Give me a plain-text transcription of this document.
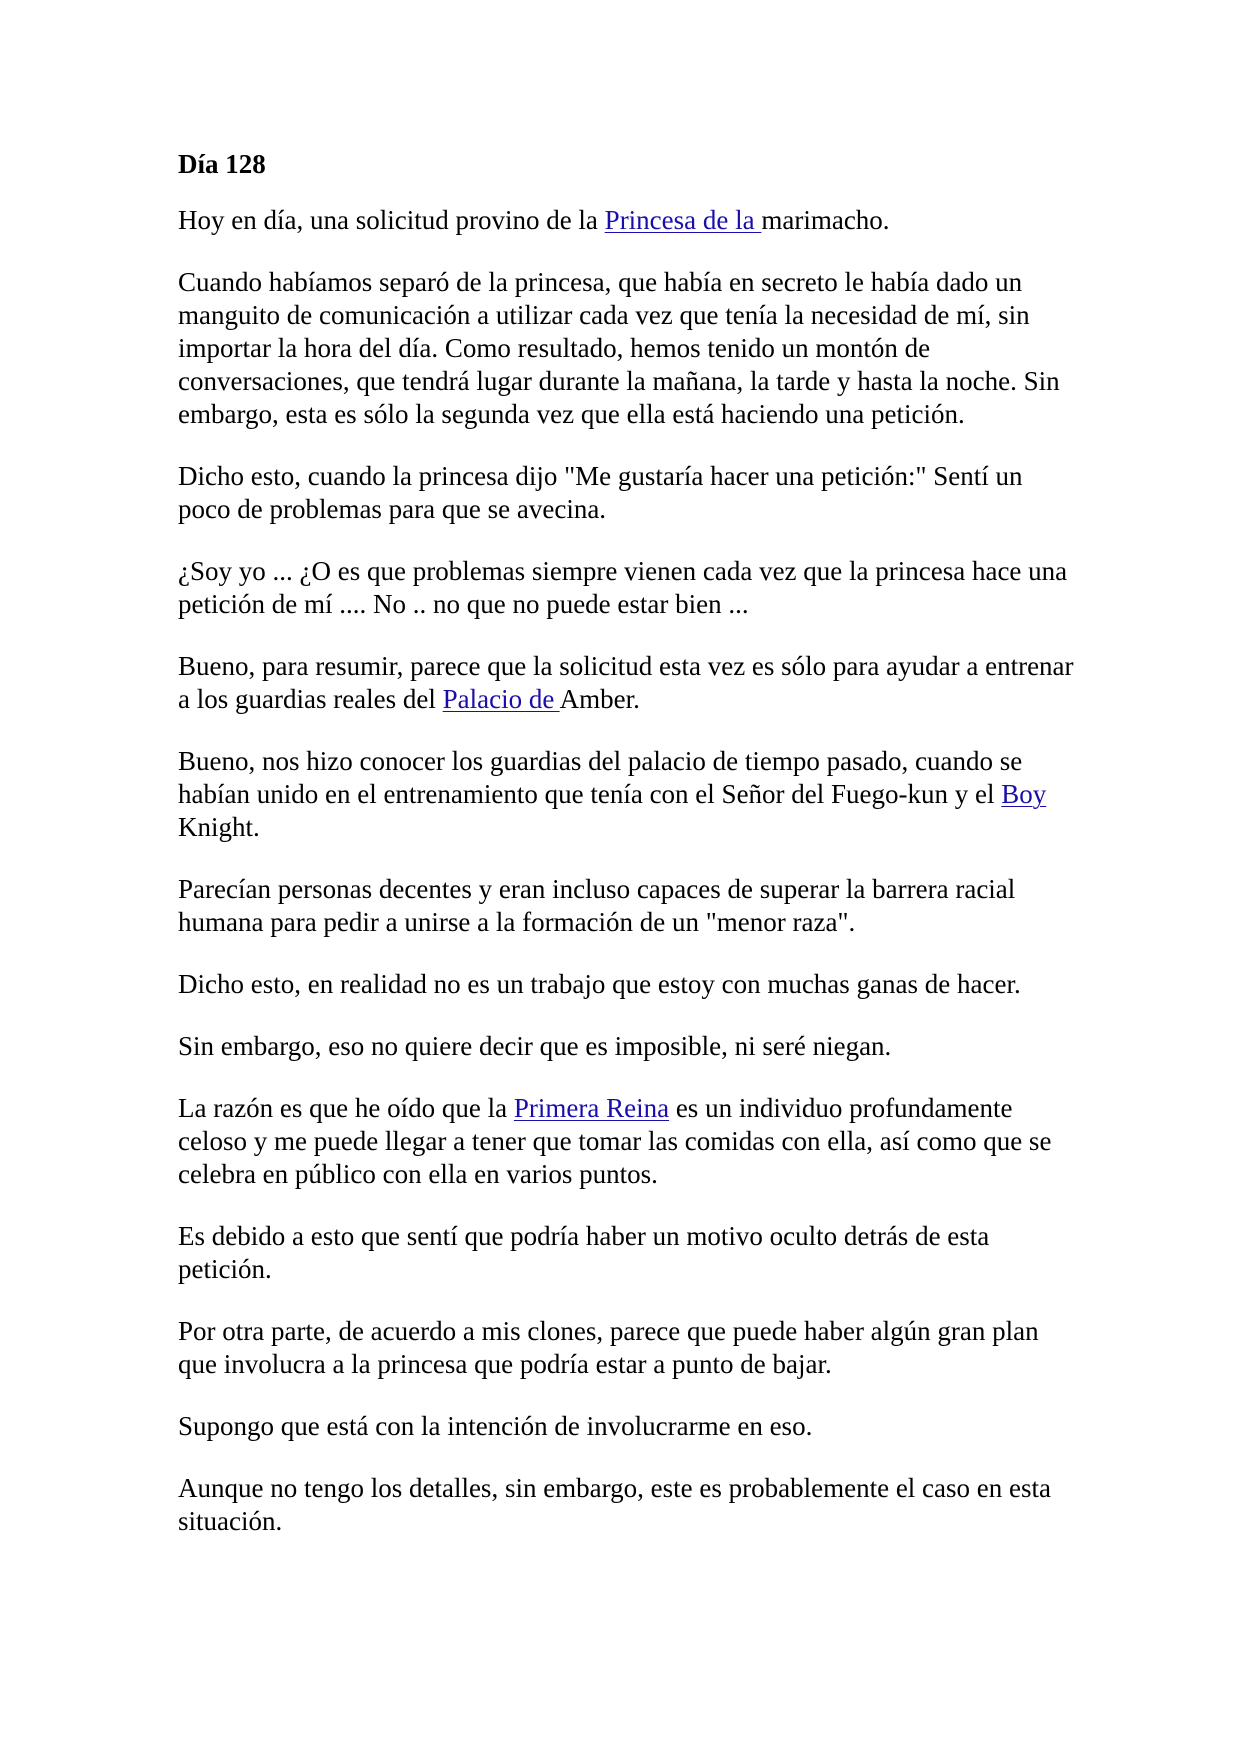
Día 128

Hoy en día, una solicitud provino de la Princesa de la marimacho.

Cuando habíamos separó de la princesa, que había en secreto le había dado un manguito de comunicación a utilizar cada vez que tenía la necesidad de mí, sin importar la hora del día. Como resultado, hemos tenido un montón de conversaciones, que tendrá lugar durante la mañana, la tarde y hasta la noche. Sin embargo, esta es sólo la segunda vez que ella está haciendo una petición.

Dicho esto, cuando la princesa dijo "Me gustaría hacer una petición:" Sentí un poco de problemas para que se avecina.

¿Soy yo ... ¿O es que problemas siempre vienen cada vez que la princesa hace una petición de mí .... No .. no que no puede estar bien ...

Bueno, para resumir, parece que la solicitud esta vez es sólo para ayudar a entrenar a los guardias reales del Palacio de Amber.

Bueno, nos hizo conocer los guardias del palacio de tiempo pasado, cuando se habían unido en el entrenamiento que tenía con el Señor del Fuego-kun y el Boy Knight.

Parecían personas decentes y eran incluso capaces de superar la barrera racial humana para pedir a unirse a la formación de un "menor raza".

Dicho esto, en realidad no es un trabajo que estoy con muchas ganas de hacer.

Sin embargo, eso no quiere decir que es imposible, ni seré niegan.

La razón es que he oído que la Primera Reina es un individuo profundamente celoso y me puede llegar a tener que tomar las comidas con ella, así como que se celebra en público con ella en varios puntos.

Es debido a esto que sentí que podría haber un motivo oculto detrás de esta petición.

Por otra parte, de acuerdo a mis clones, parece que puede haber algún gran plan que involucra a la princesa que podría estar a punto de bajar.

Supongo que está con la intención de involucrarme en eso.

Aunque no tengo los detalles, sin embargo, este es probablemente el caso en esta situación.
